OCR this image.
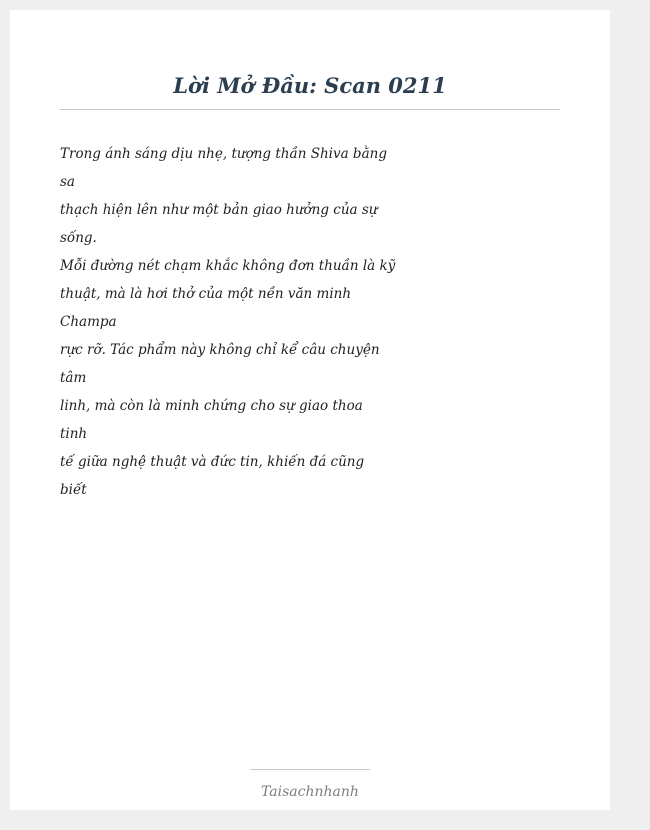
Lời Mở Đầu: Scan 0211
Trong ánh sáng dịu nhẹ, tượng thần Shiva bằng
sa
thạch hiện lên như một bản giao hưởng của sự
sống.
Mỗi đường nét chạm khắc không đơn thuần là kỹ
thuật, mà là hơi thở của một nền văn minh
Champa
rực rỡ. Tác phẩm này không chỉ kể câu chuyện
tâm
linh, mà còn là minh chứng cho sự giao thoa
tinh
tế giữa nghệ thuật và đức tin, khiến đá cũng
biết
Taisachnhanh
